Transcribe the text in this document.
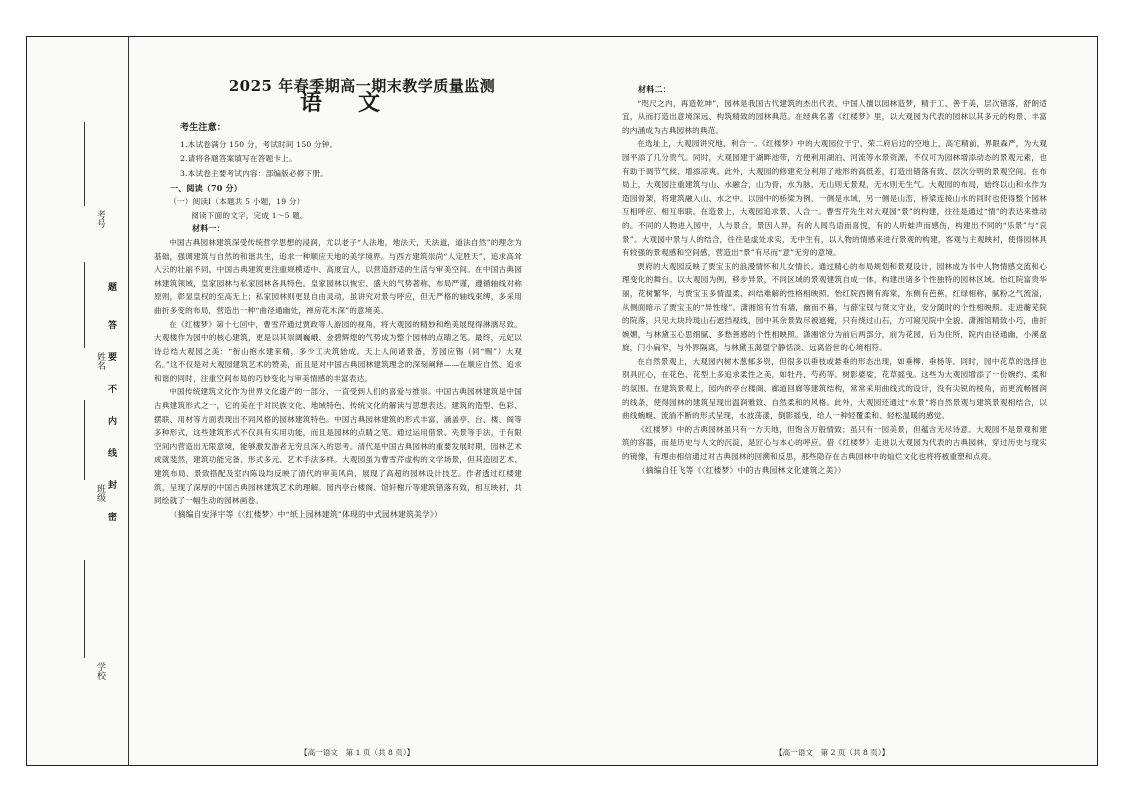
考号
姓名
班级
学校
题
答
要
不
内
线
封
密
2025 年春季期高一期末教学质量监测
语文
考生注意：
1.本试卷满分 150 分，考试时间 150 分钟。
2.请将各题答案填写在答题卡上。
3.本试卷主要考试内容：部编版必修下册。

一、阅读（70 分）

（一）阅读Ⅰ（本题共 5 小题，19 分）

阅读下面的文字，完成 1～5 题。

材料一：

中国古典园林建筑深受传统哲学思想的浸润，尤以老子“人法地，地法天，天法道，道法自然”的理念为基础，强调建筑与自然的和谐共生，追求一种顺应天地的美学境界。与西方建筑崇尚“人定胜天”、追求高耸入云的壮丽不同，中国古典建筑更注重规模适中、高度宜人，以营造舒适的生活与审美空间。在中国古典园林建筑领域，皇家园林与私家园林各具特色。皇家园林以恢宏、盛大的气势著称，布局严谨，遵循轴线对称原则，彰显皇权的至高无上；私家园林则更显自由灵动，虽讲究对景与呼应，但无严格的轴线束缚，多采用曲折多变的布局，营造出一种“曲径通幽处，禅房花木深”的意境美。

在《红楼梦》第十七回中，曹雪芹通过贾政等人游园的视角，将大观园的精妙和绝美展现得淋漓尽致。大观楼作为园中的核心建筑，更是以其崇阔巍峨、金碧辉煌的气势成为整个园林的点睛之笔。最终，元妃以诗总结大观园之美：“衔山抱水建来精，多少工夫筑始成。天上人间诸景备，芳园应锡（同“赐”）大观名。”这不仅是对大观园建筑艺术的赞美，而且是对中国古典园林建筑理念的深刻阐释——在顺应自然、追求和谐的同时，注重空间布局的巧妙变化与审美情感的丰富表达。

中国传统建筑文化作为世界文化遗产的一部分，一直受到人们的喜爱与推崇。中国古典园林建筑是中国古典建筑形式之一，它的美在于对民族文化、地域特色、传统文化的解读与思想表达。建筑的造型、色彩、摆联、用材等方面表现出不同风格的园林建筑特色。中国古典园林建筑的形式丰富，涵盖亭、台、楼、阁等多种形式，这些建筑形式不仅具有实用功能，而且是园林的点睛之笔。通过运用借景、夹景等手法，于有限空间内营造出无限意境，能够激发游者无穷且深入的思考。清代是中国古典园林的重要发展时期，园林艺术成就斐然，建筑功能完备、形式多元、艺术手法多样。大观园虽为曹雪芹虚构的文学场景，但其造园艺术、建筑布局、景致搭配及室内陈设均反映了清代的审美风尚，展现了高超的园林设计技艺。作者透过红楼建筑，呈现了深厚的中国古典园林建筑艺术的理解。园内亭台楼阁、馆轩榭斤等建筑错落有致，相互映衬，共同绘就了一幅生动的园林画卷。

（摘编自安泽宇等《〈红楼梦〉中“纸上园林建筑”体现的中式园林建筑美学》）

材料二：

“咫尺之内，再造乾坤”，园林是我国古代建筑的杰出代表。中国人擅以园林造梦，精于工、善于美，层次错落，舒朗适宜，从而打造出意境深远、构筑精致的园林典范。在经典名著《红楼梦》里，以大观园为代表的园林以其多元的构景、丰富的内涵成为古典园林的典范。

在选址上，大观园讲究地、利合一。《红楼梦》中的大观园位于宁、荣二府后边的空地上，高宅精前，界限森严，为大观园平添了几分贵气。同时，大观园建于湖畔池带，方便利用湖泊、河流等水景资源，不仅可为园林增添动态的景观元素，也有助于调节气候、增添凉爽。此外，大观园的修建充分利用了地形的高低差，打造出错落有致、层次分明的景观空间。在布局上，大观园注重建筑与山、水融合，山为骨，水为脉，无山则无景观，无水则无生气。大观园的布局，始终以山和水作为造园骨架，将建筑融入山、水之中。以园中的桥梁为例，一侧是水域，另一侧是山峦，桥梁连接山水的同时也使得整个园林互相呼应、相互串联。在造景上，大观园追求景、人合一。曹雪芹先生对大观园“景”的构建，往往是通过“情”的表达来推动的。不同的人物进入园中，人与景合，景因人异，有的人闻鸟语而喜悦，有的人听蛙声而感伤，构建出不同的“乐景”与“哀景”。大观园中景与人的结合，往往是虚处求实，无中生有，以人物的情感来进行景观的构建，客观与主观映衬，使得园林具有较强的景观感和空间感，营造出“景”有尽而“意”无穷的意境。

贾府的大观园反映了贾宝玉的浪漫情怀和儿女情长。通过精心的布局规划和景观设计，园林成为书中人物情感交流和心理变化的舞台。以大观园为例，移步异景，不同区域的景观建筑自成一体，构建出诸多个性独特的园林区域。怡红院富贵华丽，花树繁华，与贾宝玉多情温柔、纠结难解的性格相映照。怡红院西侧有海棠，东侧有芭蕉，红绿相称，腻粉之气流溢，从侧面暗示了贾宝玉的“异性缘”。潇湘馆有竹有墙，幽而不暮，与薛宝钗与贤文守业，安分随时的个性相映照。走进蘅芜院的院落，只见大块玲珑山石遮挡视线，园中其余景致尽被遮掩，只有绕过山石，方可窥见院中全貌。潇湘馆精致小巧，曲折婉媚，与林黛玉心思细腻、多愁善感的个性相映照。潇湘馆分为前后两部分，前为花园，后为住所，院内由径通幽，小溪盘旋，门小扁窄，与外界隔离，与林黛玉渴望宁静恬淡、远离俗世的心境相符。

在自然景观上，大观园内树木葱郁多资，但很多以垂枝或悬垂的形态出现，如垂柳、垂杨等。同时，园中花草的选择也别具匠心，在花色、花型上多追求柔性之美，如牡丹、芍药等。树影婆娑，花草摇曳。这些为大观园增添了一份婉约、柔和的氛围。在建筑景观上，园内的亭台楼阁、廊道回廊等建筑结构，常常采用曲线式的设计，没有尖锐的棱角，而更流畅圆润的线条，使得园林的建筑呈现出温润雅致、自然柔和的风格。此外，大观园还通过“水景”将自然景观与建筑景观相结合，以曲线蜿蜒、流淌不断的形式呈现，水波荡漾，倒影摇曳，给人一种轻覆柔和、轻松温暖的感觉。

《红楼梦》中的古典园林虽只有一方天地，但饱含万般情致；虽只有一园美景，但蕴含无尽诗意。大观园不是景观和建筑的容器，而是历史与人文的沉淀，是匠心与本心的呼应。借《红楼梦》走进以大观园为代表的古典园林，穿过历史与现实的镜像，有理由相信通过对古典园林的回溯和反思，那些隐存在古典园林中的灿烂文化也将将被重塑和点亮。

（摘编自任飞等《〈红楼梦〉中的古典园林文化建筑之美》）

【高一语文　第 1 页（共 8 页）】	【高一语文　第 2 页（共 8 页）】
